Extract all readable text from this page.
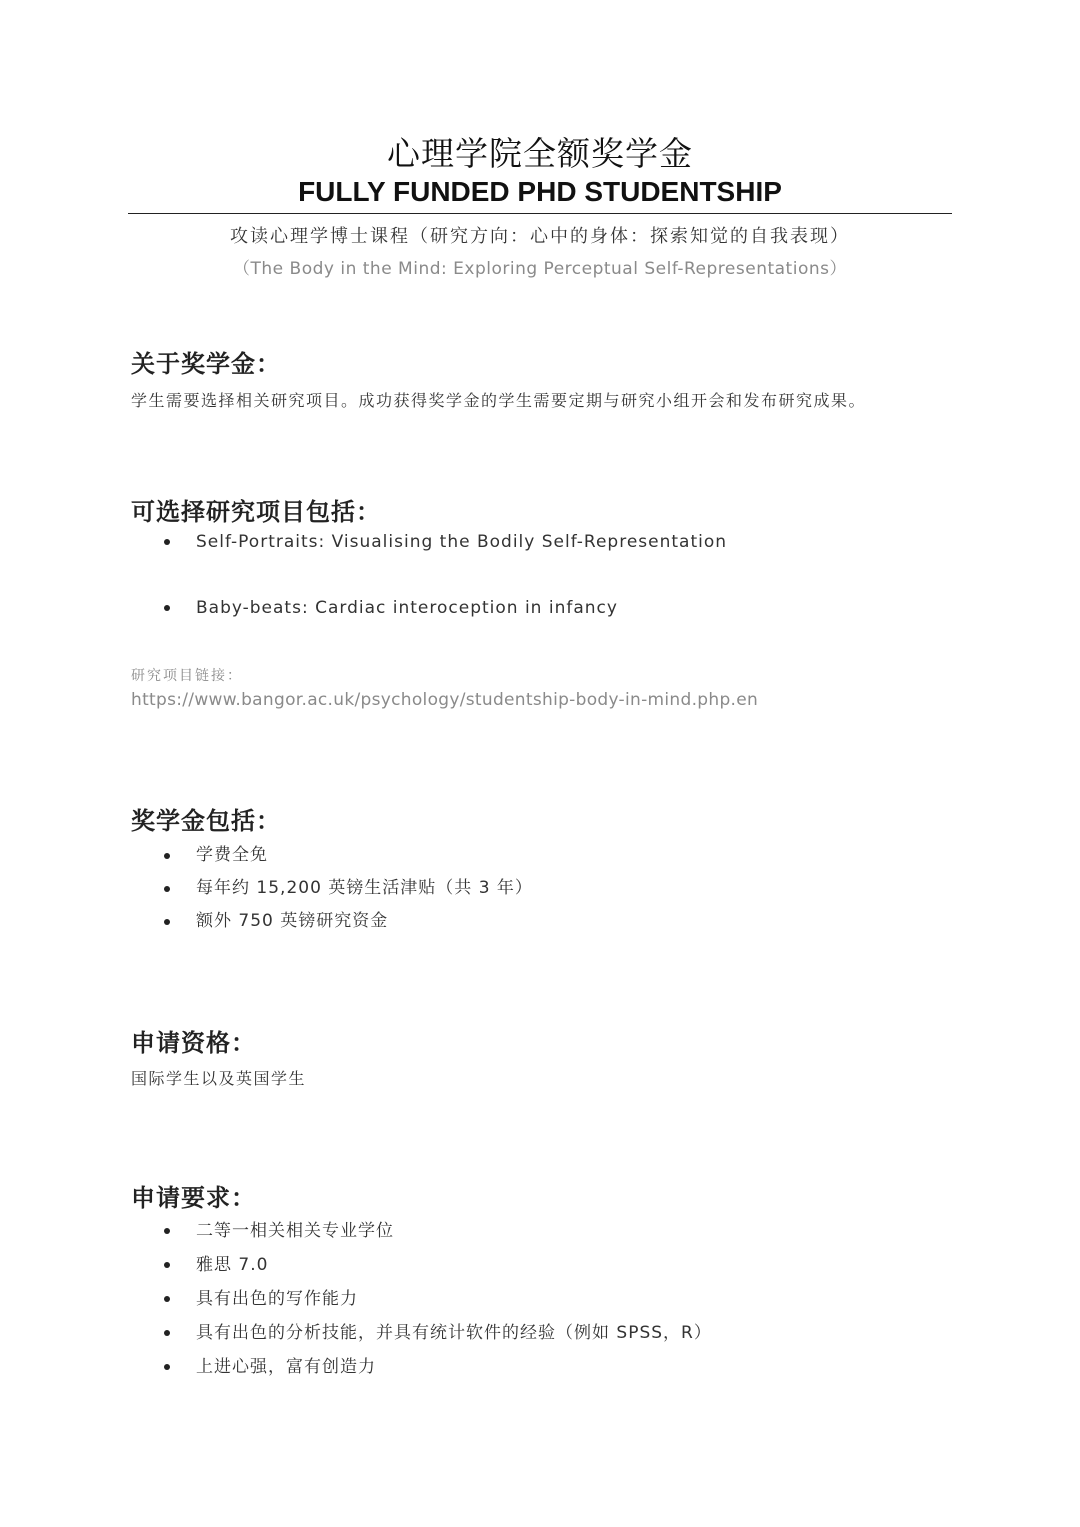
心理学院全额奖学金
FULLY FUNDED PHD STUDENTSHIP
攻读心理学博士课程（研究方向：心中的身体：探索知觉的自我表现）
（The Body in the Mind: Exploring Perceptual Self-Representations）
关于奖学金：
学生需要选择相关研究项目。成功获得奖学金的学生需要定期与研究小组开会和发布研究成果。
可选择研究项目包括：
Self-Portraits: Visualising the Bodily Self-Representation
Baby-beats: Cardiac interoception in infancy
研究项目链接：
https://www.bangor.ac.uk/psychology/studentship-body-in-mind.php.en
奖学金包括：
学费全免
每年约 15,200 英镑生活津贴（共 3 年）
额外 750 英镑研究资金
申请资格：
国际学生以及英国学生
申请要求：
二等一相关相关专业学位
雅思 7.0
具有出色的写作能力
具有出色的分析技能，并具有统计软件的经验（例如 SPSS，R）
上进心强，富有创造力
